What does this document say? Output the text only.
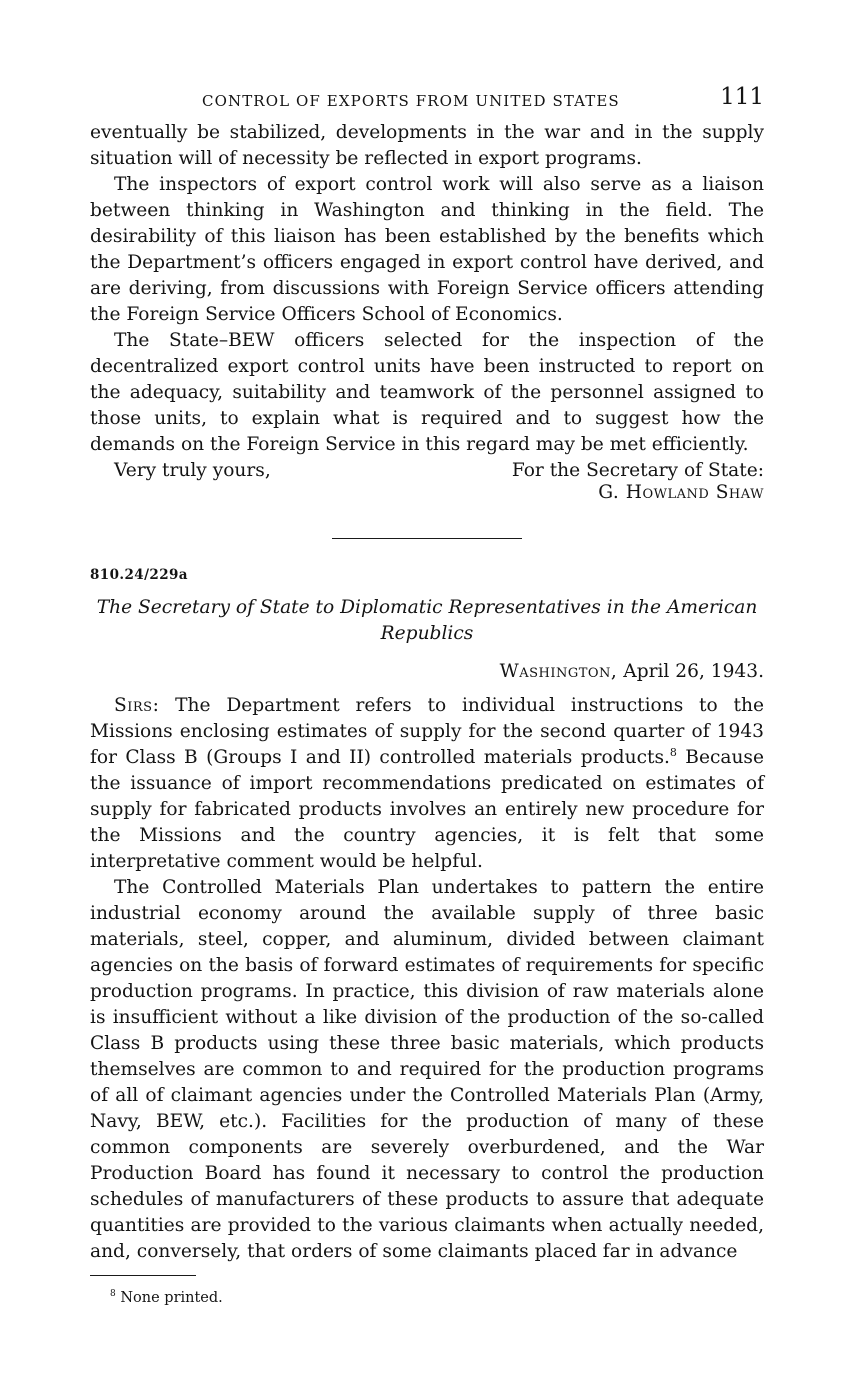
CONTROL OF EXPORTS FROM UNITED STATES	111

eventually be stabilized, developments in the war and in the supply situation will of necessity be reflected in export programs.

The inspectors of export control work will also serve as a liaison between thinking in Washington and thinking in the field. The desirability of this liaison has been established by the benefits which the Department’s officers engaged in export control have derived, and are deriving, from discussions with Foreign Service officers attending the Foreign Service Officers School of Economics.

The State–BEW officers selected for the inspection of the decentralized export control units have been instructed to report on the adequacy, suitability and teamwork of the personnel assigned to those units, to explain what is required and to suggest how the demands on the Foreign Service in this regard may be met efficiently.

Very truly yours,	For the Secretary of State:
G. Howland Shaw
810.24/229a
The Secretary of State to Diplomatic Representatives in the American Republics
Washington, April 26, 1943.

Sirs: The Department refers to individual instructions to the Missions enclosing estimates of supply for the second quarter of 1943 for Class B (Groups I and II) controlled materials products.$^8$ Because the issuance of import recommendations predicated on estimates of supply for fabricated products involves an entirely new procedure for the Missions and the country agencies, it is felt that some interpretative comment would be helpful.

The Controlled Materials Plan undertakes to pattern the entire industrial economy around the available supply of three basic materials, steel, copper, and aluminum, divided between claimant agencies on the basis of forward estimates of requirements for specific production programs. In practice, this division of raw materials alone is insufficient without a like division of the production of the so-called Class B products using these three basic materials, which products themselves are common to and required for the production programs of all of claimant agencies under the Controlled Materials Plan (Army, Navy, BEW, etc.). Facilities for the production of many of these common components are severely overburdened, and the War Production Board has found it necessary to control the production schedules of manufacturers of these products to assure that adequate quantities are provided to the various claimants when actually needed, and, conversely, that orders of some claimants placed far in advance

$^8$ None printed.
